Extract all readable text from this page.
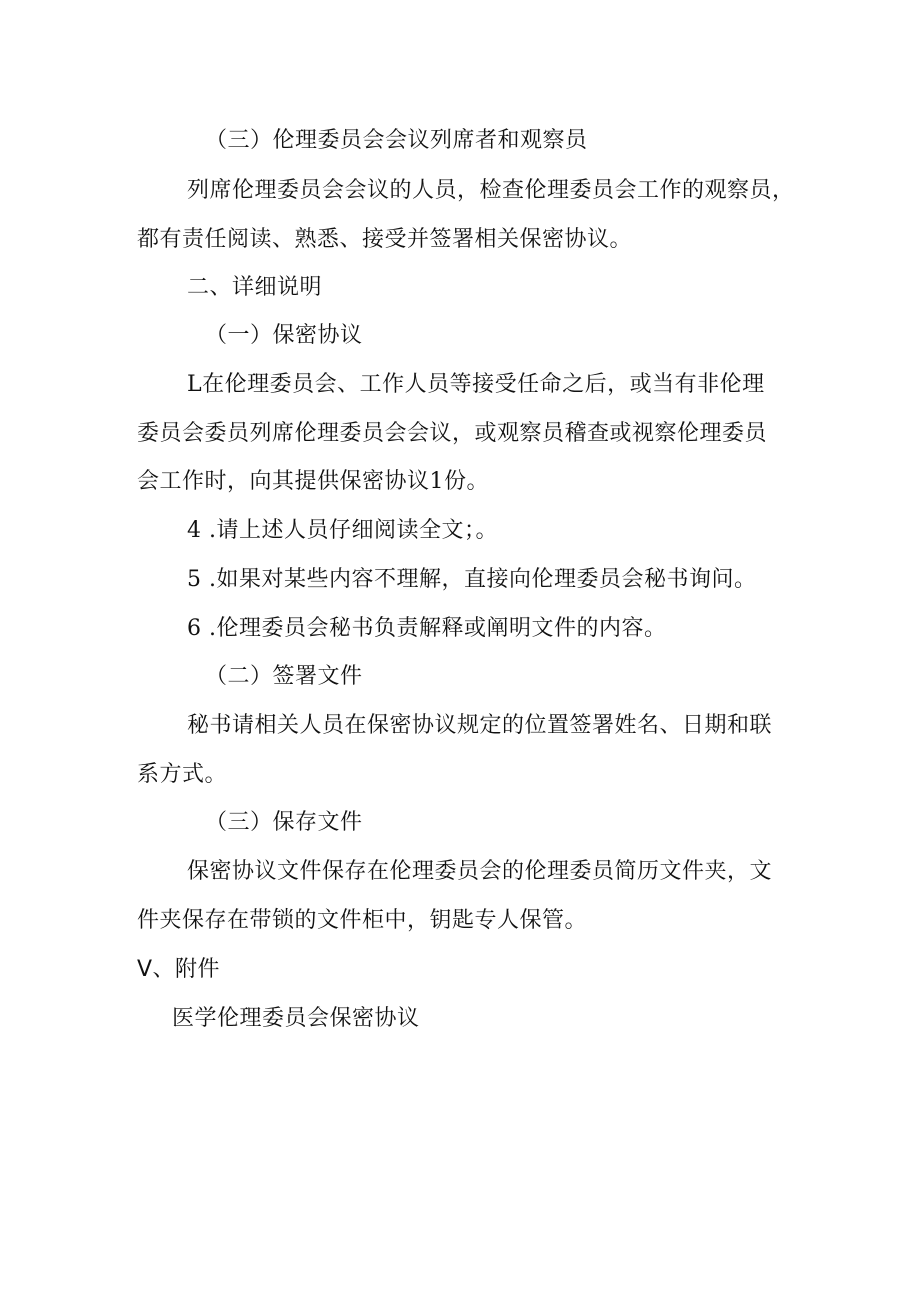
（三）伦理委员会会议列席者和观察员
列席伦理委员会会议的人员，检查伦理委员会工作的观察员，
都有责任阅读、熟悉、接受并签署相关保密协议。
二、详细说明
（一）保密协议
L在伦理委员会、工作人员等接受任命之后，或当有非伦理
委员会委员列席伦理委员会会议，或观察员稽查或视察伦理委员
会工作时，向其提供保密协议1份。
4 .请上述人员仔细阅读全文；。
5 .如果对某些内容不理解，直接向伦理委员会秘书询问。
6 .伦理委员会秘书负责解释或阐明文件的内容。
（二）签署文件
秘书请相关人员在保密协议规定的位置签署姓名、日期和联
系方式。
（三）保存文件
保密协议文件保存在伦理委员会的伦理委员简历文件夹，文
件夹保存在带锁的文件柜中，钥匙专人保管。
V、附件
医学伦理委员会保密协议
